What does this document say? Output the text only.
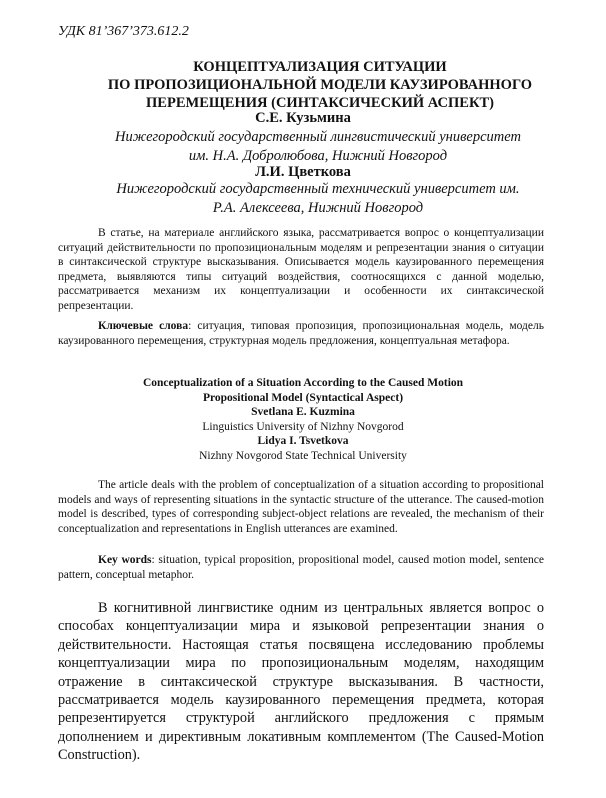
УДК 81’367’373.612.2
КОНЦЕПТУАЛИЗАЦИЯ СИТУАЦИИ
ПО ПРОПОЗИЦИОНАЛЬНОЙ МОДЕЛИ КАУЗИРОВАННОГО
ПЕРЕМЕЩЕНИЯ (СИНТАКСИЧЕСКИЙ АСПЕКТ)
С.Е. Кузьмина
Нижегородский государственный лингвистический университет
им. Н.А. Добролюбова, Нижний Новгород
Л.И. Цветкова
Нижегородский государственный технический университет им.
Р.А. Алексеева, Нижний Новгород
В статье, на материале английского языка, рассматривается вопрос о концептуализации ситуаций действительности по пропозициональным моделям и репрезентации знания о ситуации в синтаксической структуре высказывания. Описывается модель каузированного перемещения предмета, выявляются типы ситуаций воздействия, соотносящихся с данной моделью, рассматривается механизм их концептуализации и особенности их синтаксической репрезентации.
Ключевые слова: ситуация, типовая пропозиция, пропозициональная модель, модель каузированного перемещения, структурная модель предложения, концептуальная метафора.
Conceptualization of a Situation According to the Caused Motion
Propositional Model (Syntactical Aspect)
Svetlana E. Kuzmina
Linguistics University of Nizhny Novgorod
Lidya I. Tsvetkova
Nizhny Novgorod State Technical University
The article deals with the problem of conceptualization of a situation according to propositional models and ways of representing situations in the syntactic structure of the utterance. The caused-motion model is described, types of corresponding subject-object relations are revealed, the mechanism of their conceptualization and representations in English utterances are examined.
Key words: situation, typical proposition, propositional model, caused motion model, sentence pattern, conceptual metaphor.
В когнитивной лингвистике одним из центральных является вопрос о способах концептуализации мира и языковой репрезентации знания о действительности. Настоящая статья посвящена исследованию проблемы концептуализации мира по пропозициональным моделям, находящим отражение в синтаксической структуре высказывания. В частности, рассматривается модель каузированного перемещения предмета, которая репрезентируется структурой английского предложения с прямым дополнением и директивным локативным комплементом (The Caused-Motion Construction).
